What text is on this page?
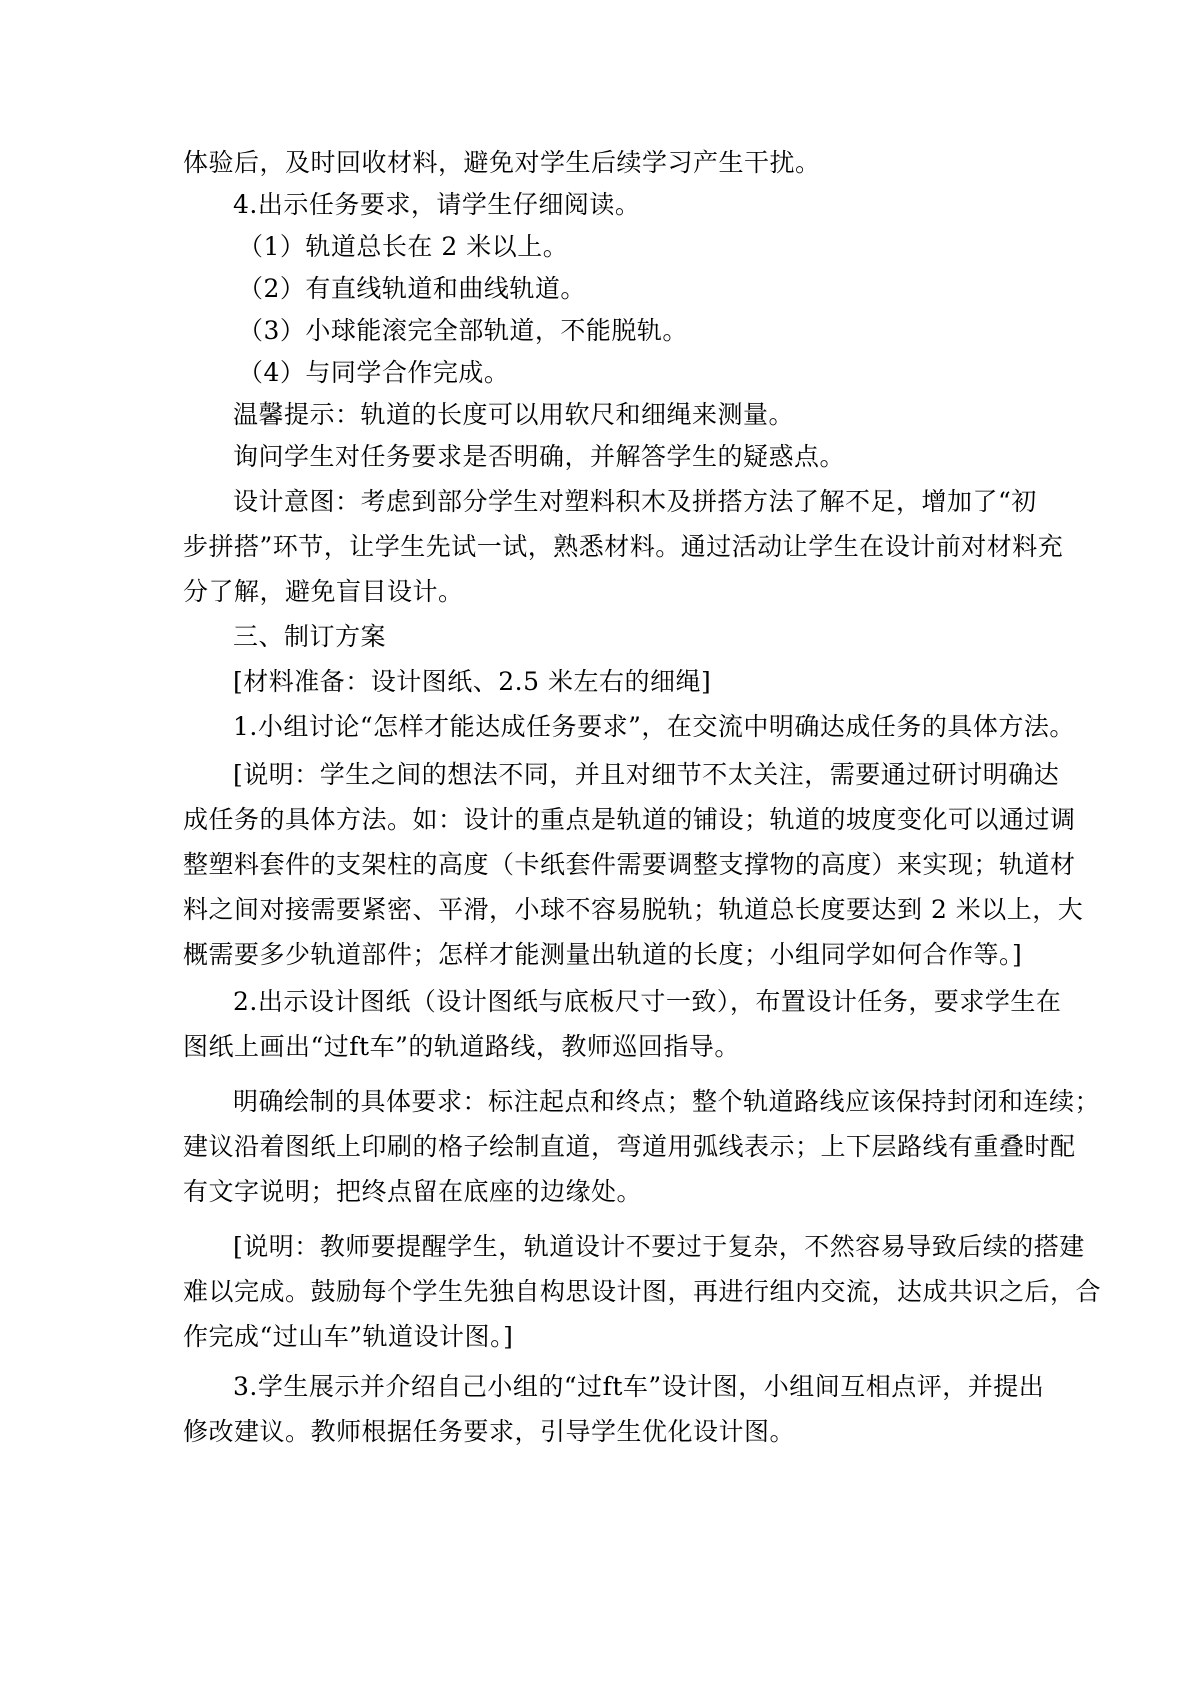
体验后，及时回收材料，避免对学生后续学习产生干扰。
4.出示任务要求，请学生仔细阅读。
（1）轨道总长在 2 米以上。
（2）有直线轨道和曲线轨道。
（3）小球能滚完全部轨道，不能脱轨。
（4）与同学合作完成。
温馨提示：轨道的长度可以用软尺和细绳来测量。
询问学生对任务要求是否明确，并解答学生的疑惑点。
设计意图：考虑到部分学生对塑料积木及拼搭方法了解不足，增加了“初
步拼搭”环节，让学生先试一试，熟悉材料。通过活动让学生在设计前对材料充
分了解，避免盲目设计。
三、制订方案
[材料准备：设计图纸、2.5 米左右的细绳]
1.小组讨论“怎样才能达成任务要求”，在交流中明确达成任务的具体方法。
[说明：学生之间的想法不同，并且对细节不太关注，需要通过研讨明确达
成任务的具体方法。如：设计的重点是轨道的铺设；轨道的坡度变化可以通过调
整塑料套件的支架柱的高度（卡纸套件需要调整支撑物的高度）来实现；轨道材
料之间对接需要紧密、平滑，小球不容易脱轨；轨道总长度要达到 2 米以上，大
概需要多少轨道部件；怎样才能测量出轨道的长度；小组同学如何合作等。]
2.出示设计图纸（设计图纸与底板尺寸一致），布置设计任务，要求学生在
图纸上画出“过ft车”的轨道路线，教师巡回指导。
明确绘制的具体要求：标注起点和终点；整个轨道路线应该保持封闭和连续；
建议沿着图纸上印刷的格子绘制直道，弯道用弧线表示；上下层路线有重叠时配
有文字说明；把终点留在底座的边缘处。
[说明：教师要提醒学生，轨道设计不要过于复杂，不然容易导致后续的搭建
难以完成。鼓励每个学生先独自构思设计图，再进行组内交流，达成共识之后，合
作完成“过山车”轨道设计图。]
3.学生展示并介绍自己小组的“过ft车”设计图，小组间互相点评，并提出
修改建议。教师根据任务要求，引导学生优化设计图。
